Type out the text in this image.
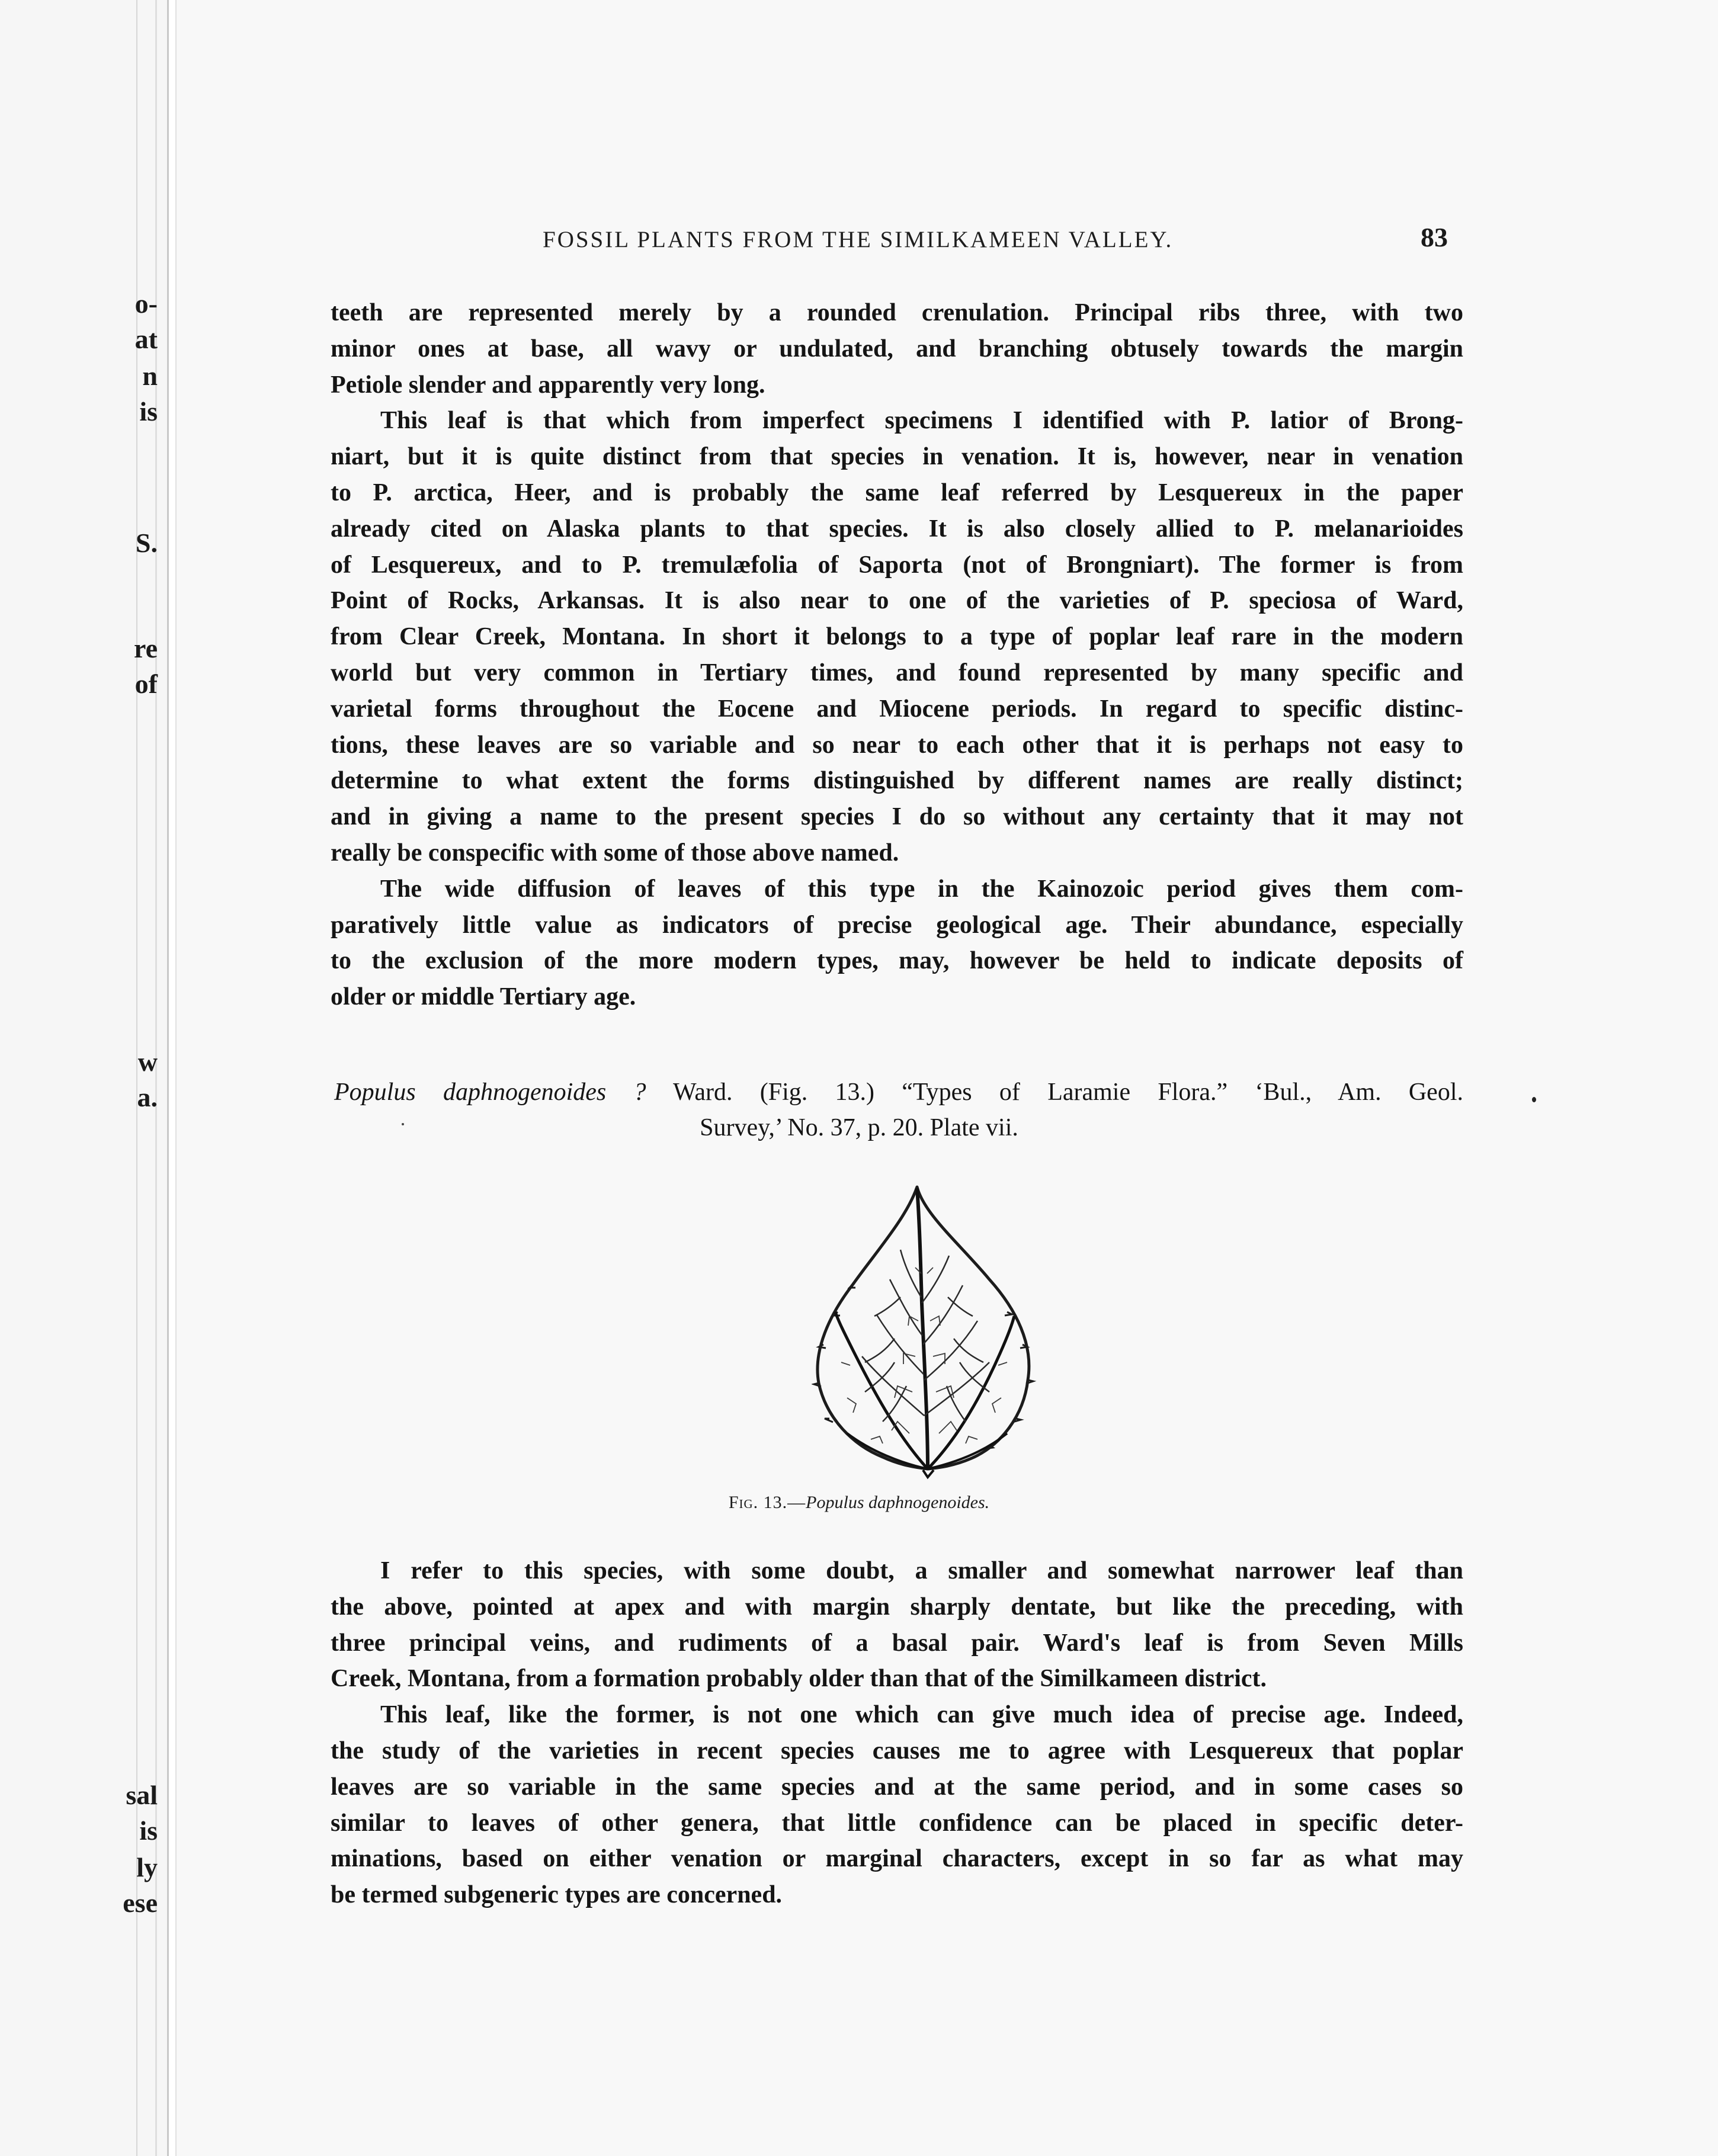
o-
at
n
is
S.
re
of
w
a.
sal
is
ly
ese
FOSSIL PLANTS FROM THE SIMILKAMEEN VALLEY.	83
teeth are represented merely by a rounded crenulation. Principal ribs three, with two
minor ones at base, all wavy or undulated, and branching obtusely towards the margin
Petiole slender and apparently very long.
This leaf is that which from imperfect specimens I identified with P. latior of Brong-
niart, but it is quite distinct from that species in venation. It is, however, near in venation
to P. arctica, Heer, and is probably the same leaf referred by Lesquereux in the paper
already cited on Alaska plants to that species. It is also closely allied to P. melanarioides
of Lesquereux, and to P. tremulæfolia of Saporta (not of Brongniart). The former is from
Point of Rocks, Arkansas. It is also near to one of the varieties of P. speciosa of Ward,
from Clear Creek, Montana. In short it belongs to a type of poplar leaf rare in the modern
world but very common in Tertiary times, and found represented by many specific and
varietal forms throughout the Eocene and Miocene periods. In regard to specific distinc-
tions, these leaves are so variable and so near to each other that it is perhaps not easy to
determine to what extent the forms distinguished by different names are really distinct;
and in giving a name to the present species I do so without any certainty that it may not
really be conspecific with some of those above named.
The wide diffusion of leaves of this type in the Kainozoic period gives them com-
paratively little value as indicators of precise geological age. Their abundance, especially
to the exclusion of the more modern types, may, however be held to indicate deposits of
older or middle Tertiary age.
Populus daphnogenoides ? Ward. (Fig. 13.) “Types of Laramie Flora.” ‘Bul., Am. Geol.
Survey,’ No. 37, p. 20. Plate vii.
Fig. 13.—Populus daphnogenoides.
I refer to this species, with some doubt, a smaller and somewhat narrower leaf than
the above, pointed at apex and with margin sharply dentate, but like the preceding, with
three principal veins, and rudiments of a basal pair. Ward's leaf is from Seven Mills
Creek, Montana, from a formation probably older than that of the Similkameen district.
This leaf, like the former, is not one which can give much idea of precise age. Indeed,
the study of the varieties in recent species causes me to agree with Lesquereux that poplar
leaves are so variable in the same species and at the same period, and in some cases so
similar to leaves of other genera, that little confidence can be placed in specific deter-
minations, based on either venation or marginal characters, except in so far as what may
be termed subgeneric types are concerned.
